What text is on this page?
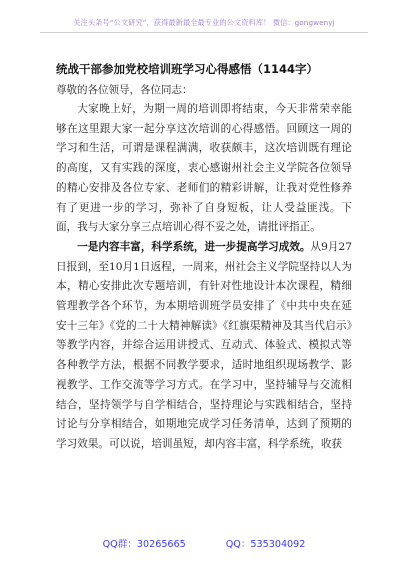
关注头条号“公文研究”，获得最新最全最专业的公文资料库！ 微信：gongwenyj
统战干部参加党校培训班学习心得感悟（1144字）
尊敬的各位领导，各位同志：

大家晚上好，为期一周的培训即将结束，今天非常荣幸能够在这里跟大家一起分享这次培训的心得感悟。回顾这一周的学习和生活，可谓是课程满满，收获颇丰，这次培训既有理论的高度，又有实践的深度，衷心感谢州社会主义学院各位领导的精心安排及各位专家、老师们的精彩讲解，让我对党性修养有了更进一步的学习，弥补了自身短板，让人受益匪浅。下面，我与大家分享三点培训心得不妥之处，请批评指正。

一是内容丰富，科学系统，进一步提高学习成效。从9月27日报到，至10月1日返程，一周来，州社会主义学院坚持以人为本，精心安排此次专题培训，有针对性地设计本次课程，精细管理教学各个环节，为本期培训班学员安排了《中共中央在延安十三年》《党的二十大精神解读》《红旗渠精神及其当代启示》等教学内容，并综合运用讲授式、互动式、体验式、模拟式等各种教学方法，根据不同教学要求，适时地组织现场教学、影视教学、工作交流等学习方式。在学习中，坚持辅导与交流相结合，坚持领学与自学相结合，坚持理论与实践相结合，坚持讨论与分享相结合，如期地完成学习任务清单，达到了预期的学习效果。可以说，培训虽短，却内容丰富，科学系统，收获

QQ群：30265665	QQ：535304092
